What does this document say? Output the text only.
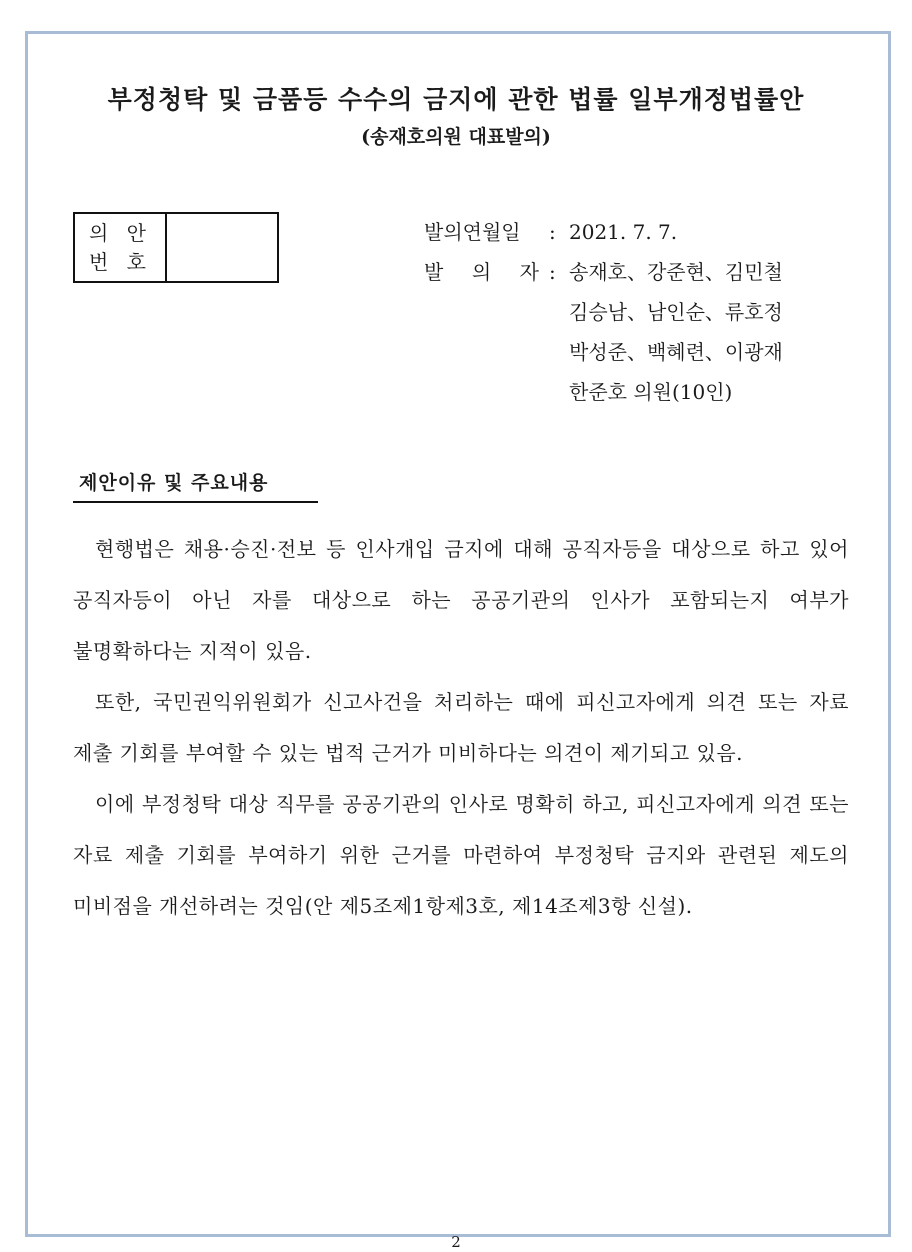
부정청탁 및 금품등 수수의 금지에 관한 법률 일부개정법률안
(송재호의원 대표발의)
의 안
번 호
발의연월일	: 2021. 7. 7.
발 의 자 : 송재호、강준현、김민철
김승남、남인순、류호정
박성준、백혜련、이광재
한준호 의원(10인)
제안이유 및 주요내용

현행법은 채용·승진·전보 등 인사개입 금지에 대해 공직자등을 대상으로 하고 있어 공직자등이 아닌 자를 대상으로 하는 공공기관의 인사가 포함되는지 여부가 불명확하다는 지적이 있음.

또한, 국민권익위원회가 신고사건을 처리하는 때에 피신고자에게 의견 또는 자료 제출 기회를 부여할 수 있는 법적 근거가 미비하다는 의견이 제기되고 있음.

이에 부정청탁 대상 직무를 공공기관의 인사로 명확히 하고, 피신고자에게 의견 또는 자료 제출 기회를 부여하기 위한 근거를 마련하여 부정청탁 금지와 관련된 제도의 미비점을 개선하려는 것임(안 제5조제1항제3호, 제14조제3항 신설).

2
